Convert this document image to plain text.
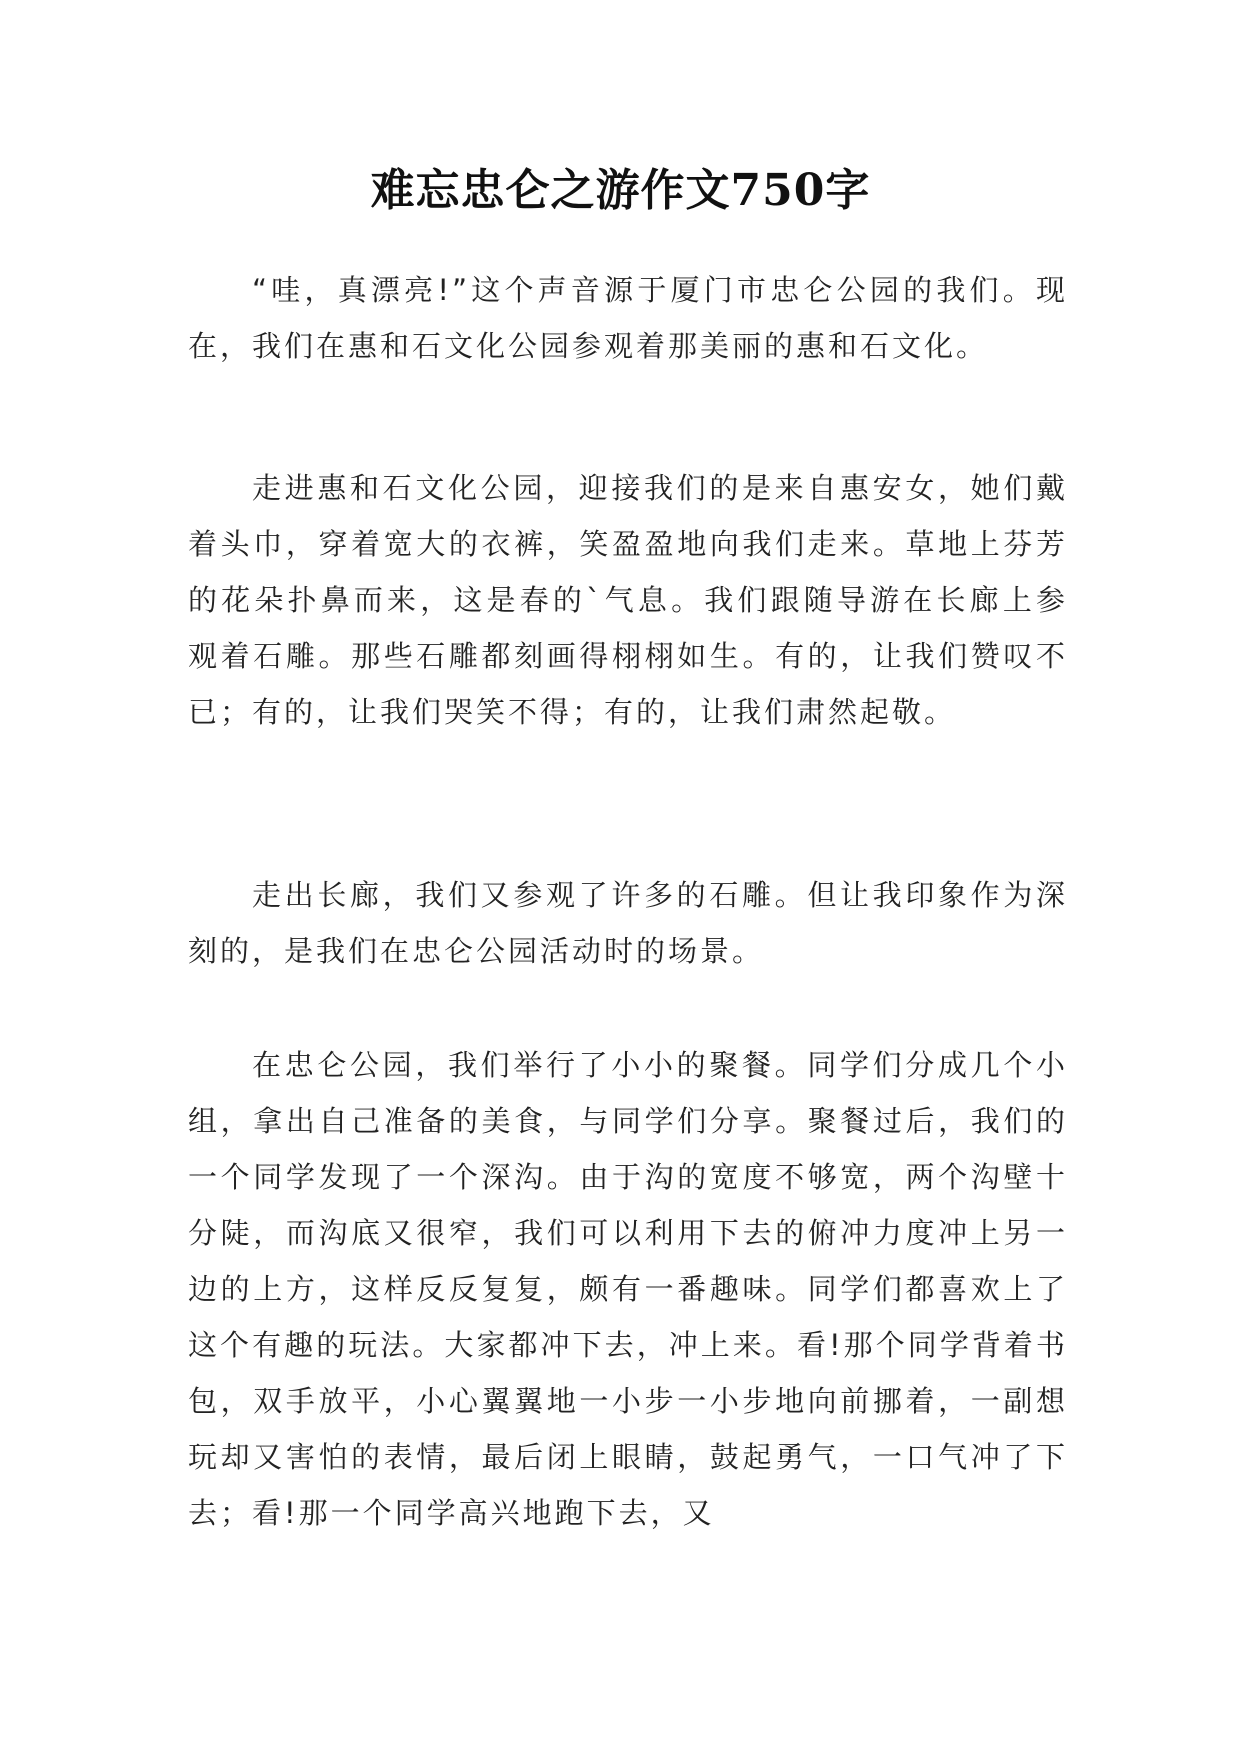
难忘忠仑之游作文750字

“哇，真漂亮!”这个声音源于厦门市忠仑公园的我们。现在，我们在惠和石文化公园参观着那美丽的惠和石文化。

走进惠和石文化公园，迎接我们的是来自惠安女，她们戴着头巾，穿着宽大的衣裤，笑盈盈地向我们走来。草地上芬芳的花朵扑鼻而来，这是春的`气息。我们跟随导游在长廊上参观着石雕。那些石雕都刻画得栩栩如生。有的，让我们赞叹不已；有的，让我们哭笑不得；有的，让我们肃然起敬。

走出长廊，我们又参观了许多的石雕。但让我印象作为深刻的，是我们在忠仑公园活动时的场景。

在忠仑公园，我们举行了小小的聚餐。同学们分成几个小组，拿出自己准备的美食，与同学们分享。聚餐过后，我们的一个同学发现了一个深沟。由于沟的宽度不够宽，两个沟壁十分陡，而沟底又很窄，我们可以利用下去的俯冲力度冲上另一边的上方，这样反反复复，颇有一番趣味。同学们都喜欢上了这个有趣的玩法。大家都冲下去，冲上来。看!那个同学背着书包，双手放平，小心翼翼地一小步一小步地向前挪着，一副想玩却又害怕的表情，最后闭上眼睛，鼓起勇气，一口气冲了下去；看!那一个同学高兴地跑下去，又
